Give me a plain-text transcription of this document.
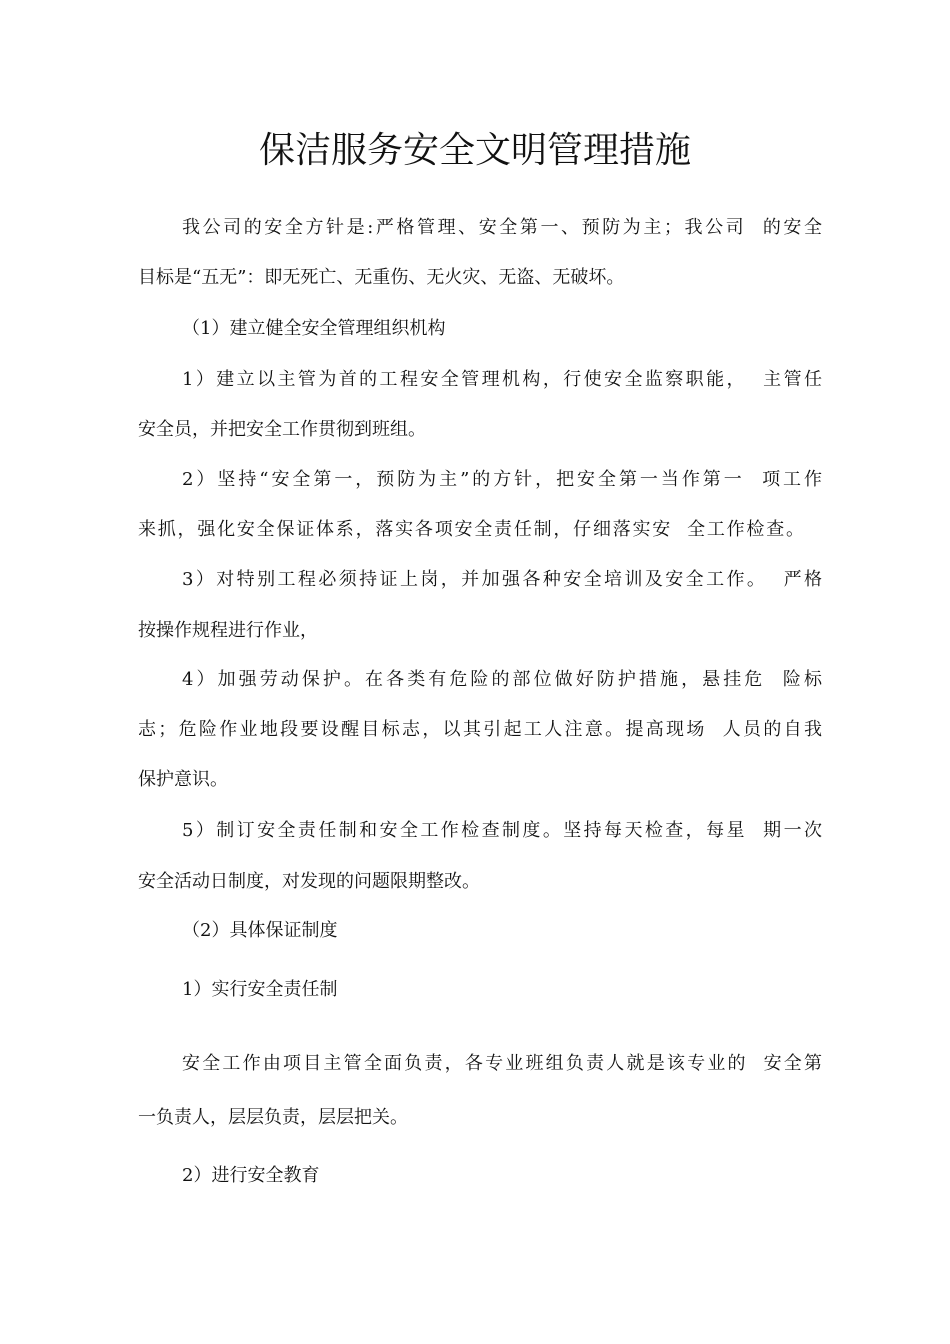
保洁服务安全文明管理措施
我公司的安全方针是:严格管理、安全第一、预防为主；我公司  的安全
目标是“五无”：即无死亡、无重伤、无火灾、无盗、无破坏。
（1）建立健全安全管理组织机构
1）建立以主管为首的工程安全管理机构，行使安全监察职能，  主管任
安全员，并把安全工作贯彻到班组。
2）坚持“安全第一，预防为主”的方针，把安全第一当作第一  项工作
来抓，强化安全保证体系，落实各项安全责任制，仔细落实安  全工作检查。
3）对特别工程必须持证上岗，并加强各种安全培训及安全工作。  严格
按操作规程进行作业，
4）加强劳动保护。在各类有危险的部位做好防护措施，悬挂危  险标
志；危险作业地段要设醒目标志，以其引起工人注意。提高现场  人员的自我
保护意识。
5）制订安全责任制和安全工作检查制度。坚持每天检查，每星  期一次
安全活动日制度，对发现的问题限期整改。
（2）具体保证制度
1）实行安全责任制
安全工作由项目主管全面负责，各专业班组负责人就是该专业的  安全第
一负责人，层层负责，层层把关。
2）进行安全教育
